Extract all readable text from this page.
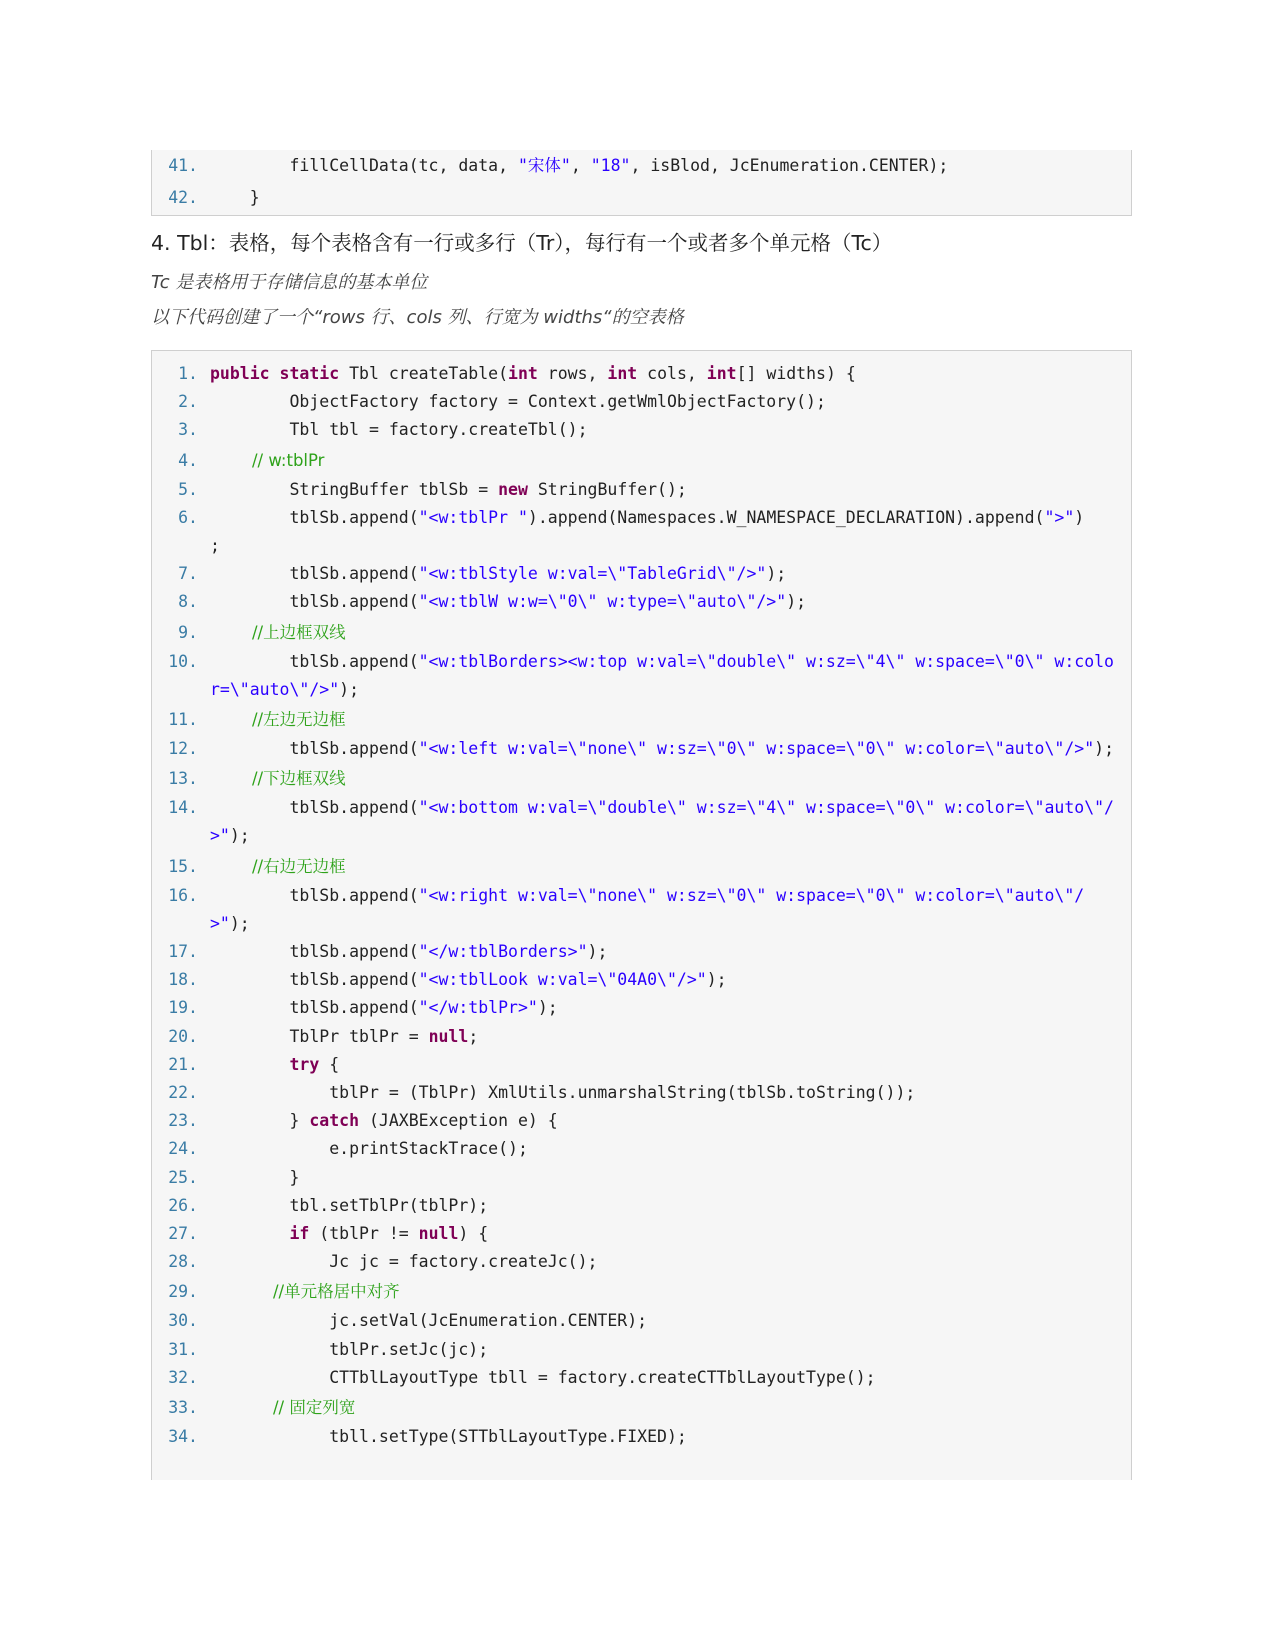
41. fillCellData(tc, data, "宋体", "18", isBlod, JcEnumeration.CENTER);
42. }
4. Tbl：表格，每个表格含有一行或多行（Tr），每行有一个或者多个单元格（Tc）
Tc 是表格用于存储信息的基本单位
以下代码创建了一个“rows 行、cols 列、行宽为 widths“的空表格
1. public static Tbl createTable(int rows, int cols, int[] widths) {
2. ObjectFactory factory = Context.getWmlObjectFactory();
3. Tbl tbl = factory.createTbl();
4. // w:tblPr
5. StringBuffer tblSb = new StringBuffer();
6. tblSb.append("<w:tblPr ").append(Namespaces.W_NAMESPACE_DECLARATION).append(">")
;
7. tblSb.append("<w:tblStyle w:val=\"TableGrid\"/>");
8. tblSb.append("<w:tblW w:w=\"0\" w:type=\"auto\"/>");
9. //上边框双线
10. tblSb.append("<w:tblBorders><w:top w:val=\"double\" w:sz=\"4\" w:space=\"0\" w:color=\"auto\"/>");
11. //左边无边框
12. tblSb.append("<w:left w:val=\"none\" w:sz=\"0\" w:space=\"0\" w:color=\"auto\"/>");
13. //下边框双线
14. tblSb.append("<w:bottom w:val=\"double\" w:sz=\"4\" w:space=\"0\" w:color=\"auto\"/>");
15. //右边无边框
16. tblSb.append("<w:right w:val=\"none\" w:sz=\"0\" w:space=\"0\" w:color=\"auto\"/>");
17. tblSb.append("</w:tblBorders>");
18. tblSb.append("<w:tblLook w:val=\"04A0\"/>");
19. tblSb.append("</w:tblPr>");
20. TblPr tblPr = null;
21.	try {
22. tblPr = (TblPr) XmlUtils.unmarshalString(tblSb.toString());
23. } catch (JAXBException e) {
24. e.printStackTrace();
25. }
26. tbl.setTblPr(tblPr);
27.	if (tblPr != null) {
28. Jc jc = factory.createJc();
29. //单元格居中对齐
30. jc.setVal(JcEnumeration.CENTER);
31. tblPr.setJc(jc);
32. CTTblLayoutType tbll = factory.createCTTblLayoutType();
33. // 固定列宽
34. tbll.setType(STTblLayoutType.FIXED);
